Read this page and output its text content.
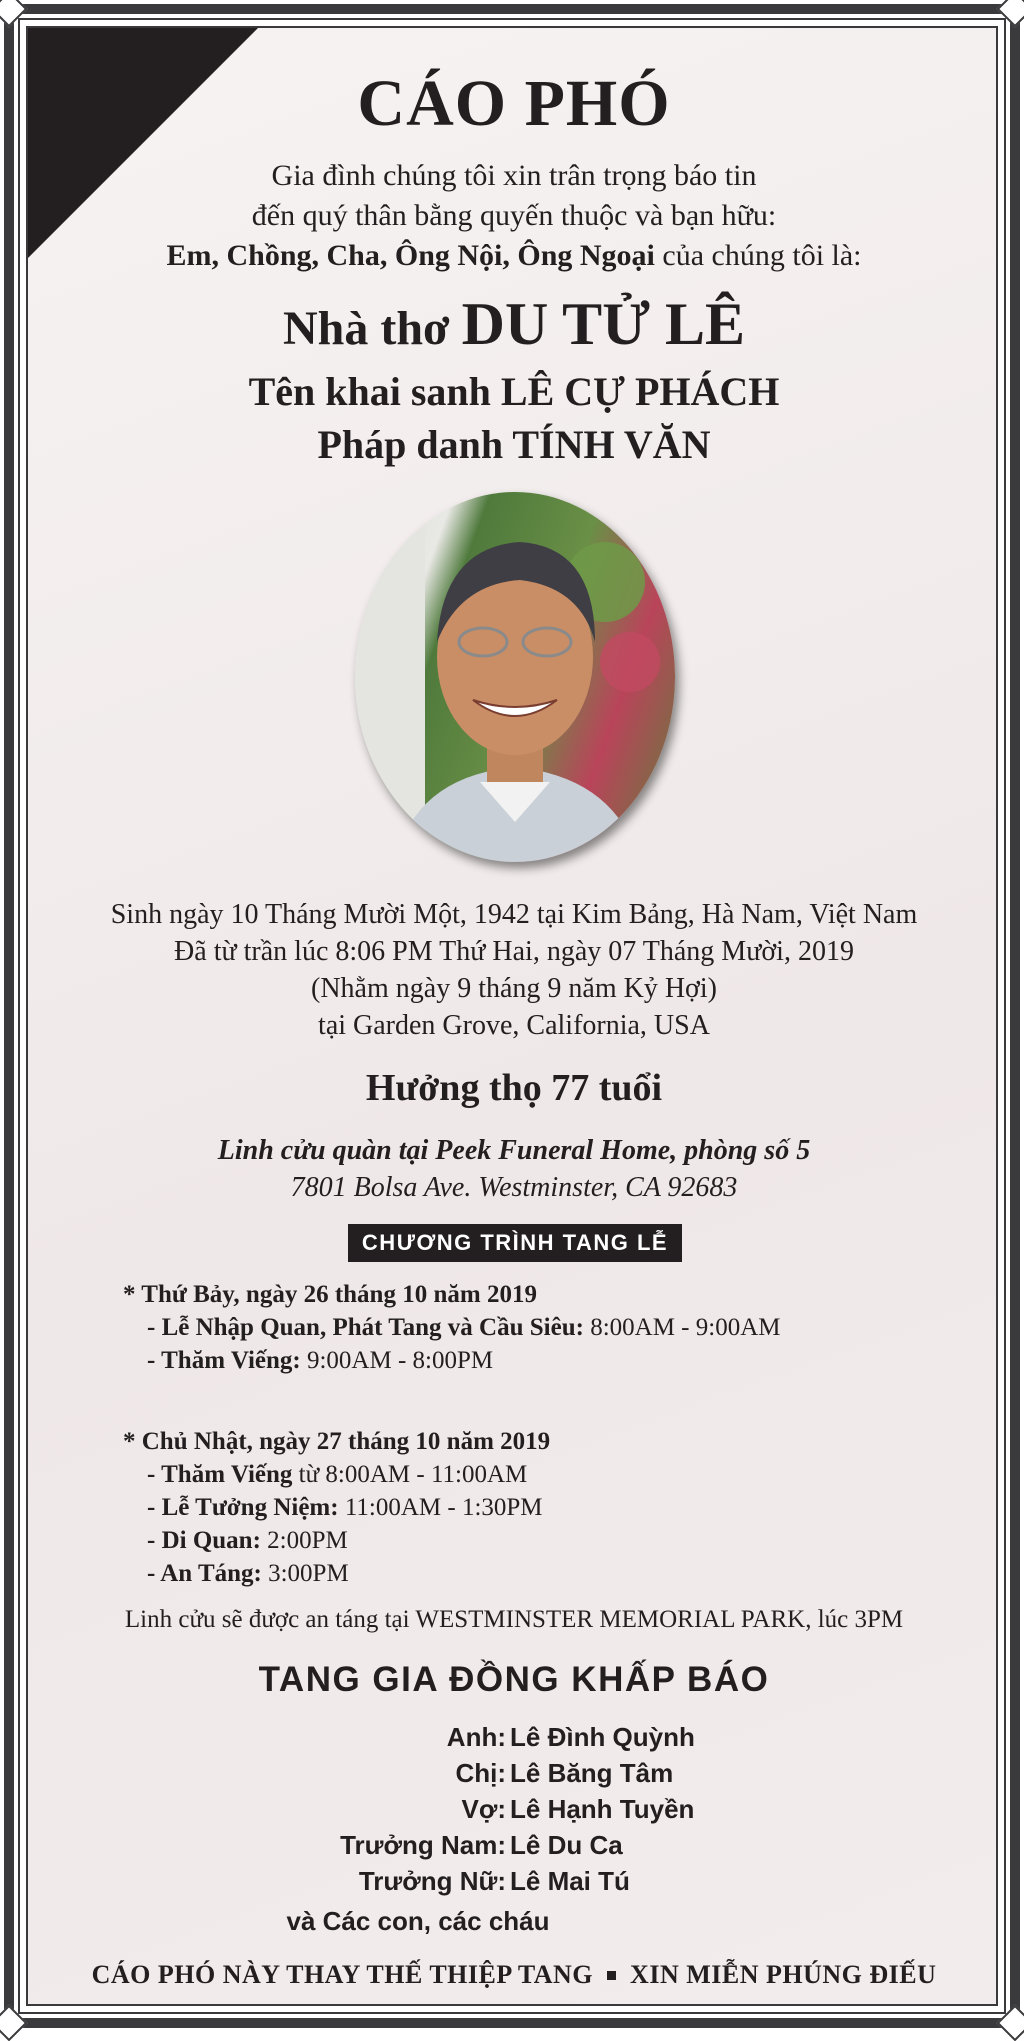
CÁO PHÓ
Gia đình chúng tôi xin trân trọng báo tin
đến quý thân bằng quyến thuộc và bạn hữu:
Em, Chồng, Cha, Ông Nội, Ông Ngoại của chúng tôi là:
Nhà thơ DU TỬ LÊ
Tên khai sanh LÊ CỰ PHÁCH
Pháp danh TÍNH VĂN
Sinh ngày 10 Tháng Mười Một, 1942 tại Kim Bảng, Hà Nam, Việt Nam
Đã từ trần lúc 8:06 PM Thứ Hai, ngày 07 Tháng Mười, 2019
(Nhằm ngày 9 tháng 9 năm Kỷ Hợi)
tại Garden Grove, California, USA
Hưởng thọ 77 tuổi
Linh cửu quàn tại Peek Funeral Home, phòng số 5
7801 Bolsa Ave. Westminster, CA 92683
CHƯƠNG TRÌNH TANG LỄ
* Thứ Bảy, ngày 26 tháng 10 năm 2019
- Lễ Nhập Quan, Phát Tang và Cầu Siêu: 8:00AM - 9:00AM
- Thăm Viếng: 9:00AM - 8:00PM
* Chủ Nhật, ngày 27 tháng 10 năm 2019
- Thăm Viếng từ 8:00AM - 11:00AM
- Lễ Tưởng Niệm: 11:00AM - 1:30PM
- Di Quan: 2:00PM
- An Táng: 3:00PM
Linh cửu sẽ được an táng tại WESTMINSTER MEMORIAL PARK, lúc 3PM
TANG GIA ĐỒNG KHẤP BÁO
Anh: Lê Đình Quỳnh
Chị: Lê Băng Tâm
Vợ: Lê Hạnh Tuyền
Trưởng Nam: Lê Du Ca
Trưởng Nữ: Lê Mai Tú
và Các con, các cháu
CÁO PHÓ NÀY THAY THẾ THIỆP TANG XIN MIỄN PHÚNG ĐIẾU
